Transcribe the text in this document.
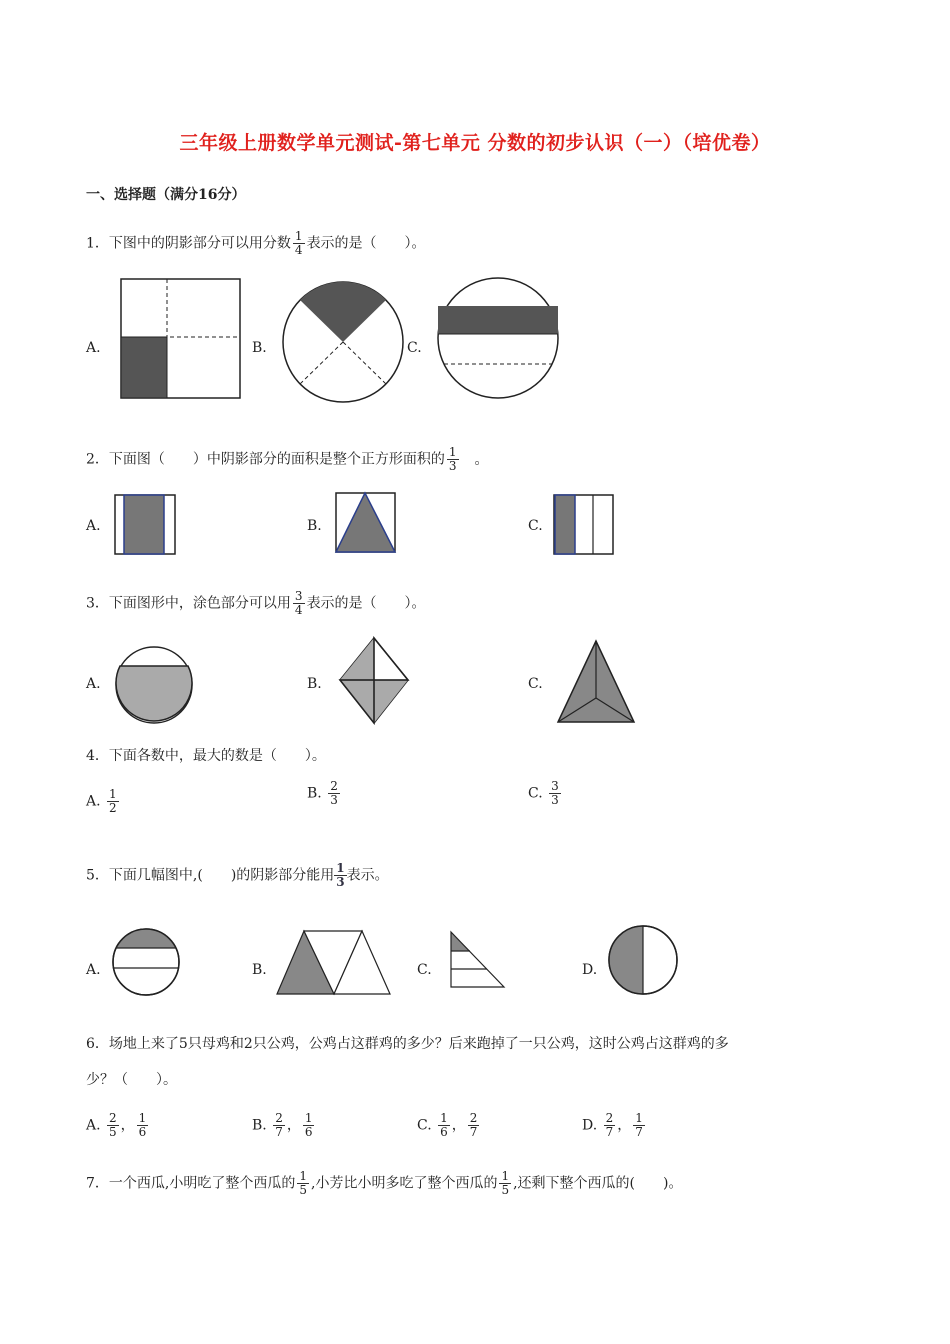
三年级上册数学单元测试-第七单元 分数的初步认识（一）（培优卷）
一、选择题（满分16分）
1．下图中的阴影部分可以用分数 $\frac{1}{4}$ 表示的是（　　）。
A.	B.	C.
2．下面图（　　）中阴影部分的面积是整个正方形面积的 $\frac{1}{3}$ 。
A.	B.	C.
3．下面图形中，涂色部分可以用 $\frac{3}{4}$ 表示的是（　　）。
A.	B.	C.
4．下面各数中，最大的数是（　　）。
A. $\frac{1}{2}$	B. $\frac{2}{3}$	C. $\frac{3}{3}$
5．下面几幅图中,(　　)的阴影部分能用 $\frac{1}{3}$ 表示。
A.	B.	C.	D.
6．场地上来了5只母鸡和2只公鸡，公鸡占这群鸡的多少？后来跑掉了一只公鸡，这时公鸡占这群鸡的多
少？（　　）。
A. $\frac{2}{5}$ ， $\frac{1}{6}$	B. $\frac{2}{7}$ ， $\frac{1}{6}$	C. $\frac{1}{6}$ ， $\frac{2}{7}$	D. $\frac{2}{7}$ ， $\frac{1}{7}$
7．一个西瓜,小明吃了整个西瓜的 $\frac{1}{5}$ ,小芳比小明多吃了整个西瓜的 $\frac{1}{5}$ ,还剩下整个西瓜的(　　)。
